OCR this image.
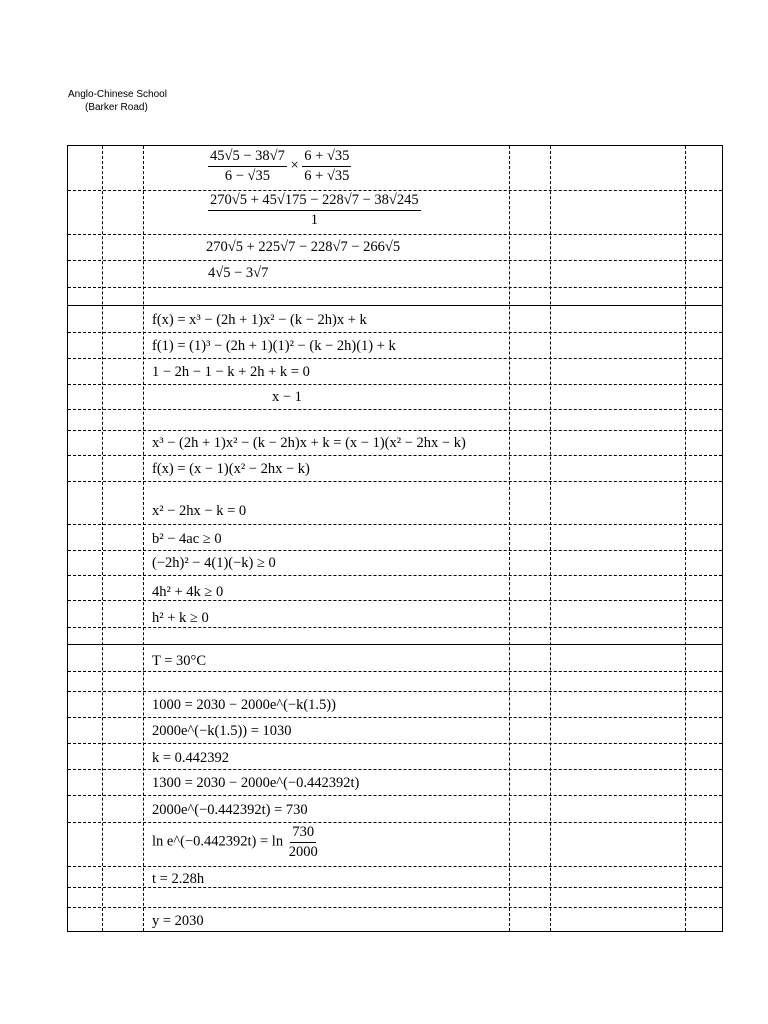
Anglo-Chinese School
(Barker Road)
$\frac{45√5 - 38√7}{6 - √35} \times \frac{6 + √35}{6 + √35}$
$\frac{270√5 + 45√175 - 228√7 - 38√245}{1}$
270√5 + 225√7 − 228√7 − 266√5
4√5 − 3√7
f(x) = x³ − (2h + 1)x² − (k − 2h)x + k
f(1) = (1)³ − (2h + 1)(1)² − (k − 2h)(1) + k
1 − 2h − 1 − k + 2h + k = 0
x − 1
x³ − (2h + 1)x² − (k − 2h)x + k = (x − 1)(x² − 2hx − k)
f(x) = (x − 1)(x² − 2hx − k)
x² − 2hx − k = 0
b² − 4ac ≥ 0
(−2h)² − 4(1)(−k) ≥ 0
4h² + 4k ≥ 0
h² + k ≥ 0
T = 30°C
1000 = 2030 − 2000e^(−k(1.5))
2000e^(−k(1.5)) = 1030
k = 0.442392
1300 = 2030 − 2000e^(−0.442392t)
2000e^(−0.442392t) = 730
ln e^(−0.442392t) = $\ln \frac{730}{2000}$
t = 2.28h
y = 2030
